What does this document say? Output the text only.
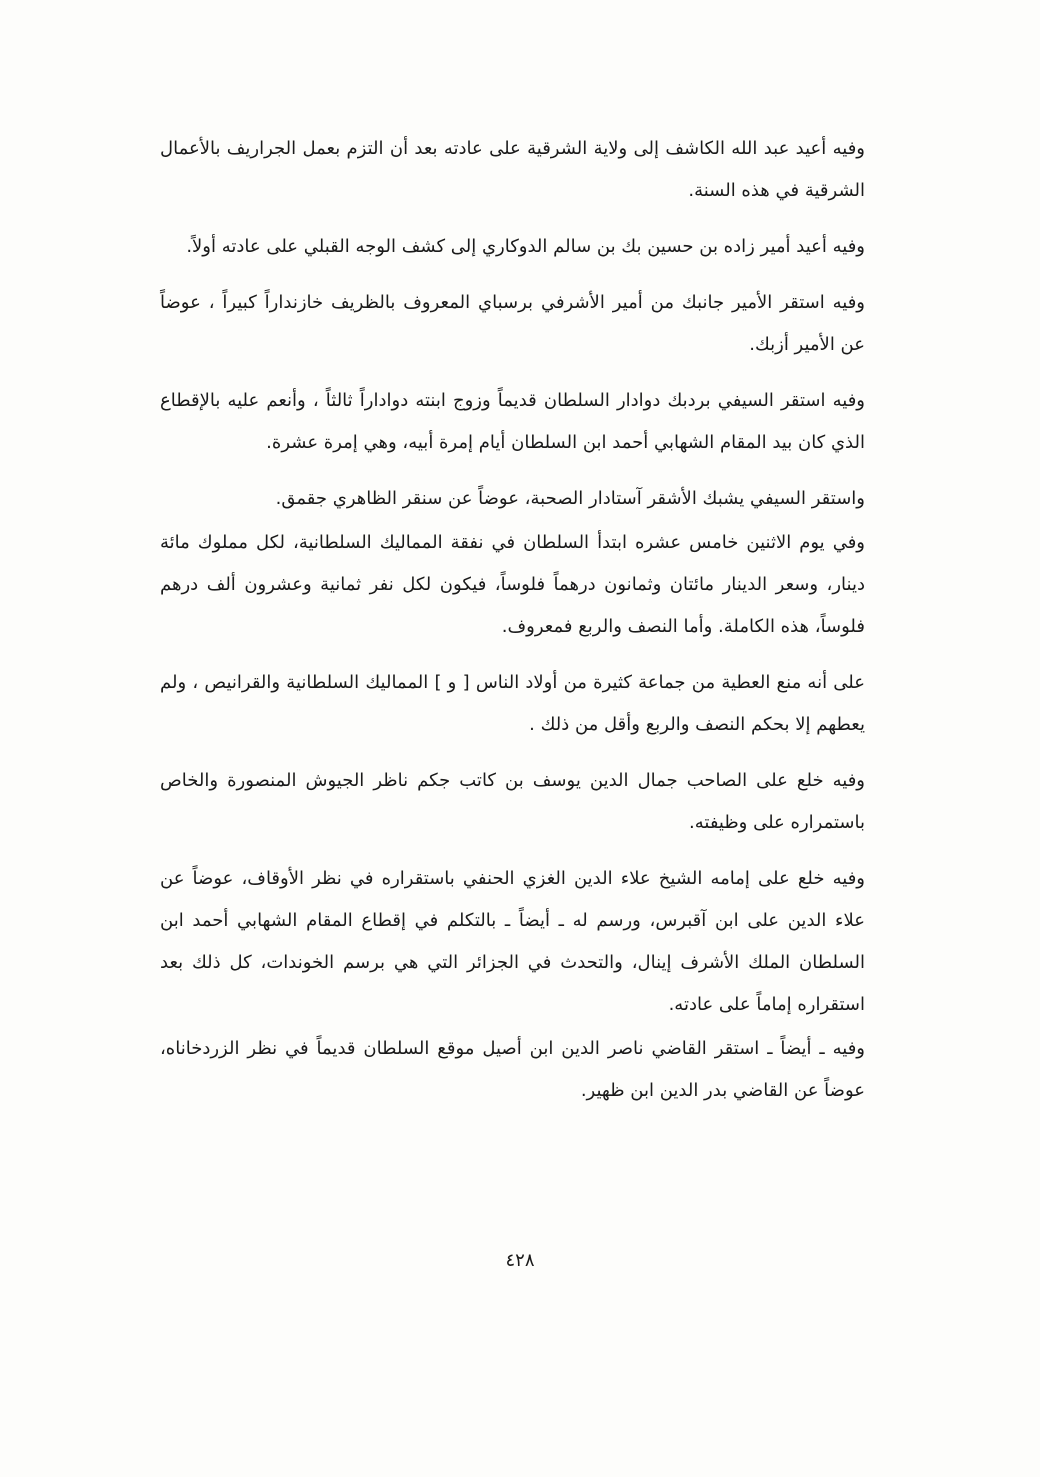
وفيه أعيد عبد الله الكاشف إلى ولاية الشرقية على عادته بعد أن التزم بعمل الجراريف بالأعمال الشرقية في هذه السنة.

وفيه أعيد أمير زاده بن حسين بك بن سالم الدوكاري إلى كشف الوجه القبلي على عادته أولاً.

وفيه استقر الأمير جانبك من أمير الأشرفي برسباي المعروف بالظريف خازنداراً كبيراً ، عوضاً عن الأمير أزبك.

وفيه استقر السيفي بردبك دوادار السلطان قديماً وزوج ابنته دواداراً ثالثاً ، وأنعم عليه بالإقطاع الذي كان بيد المقام الشهابي أحمد ابن السلطان أيام إمرة أبيه، وهي إمرة عشرة.

واستقر السيفي يشبك الأشقر آستادار الصحبة، عوضاً عن سنقر الظاهري جقمق.

وفي يوم الاثنين خامس عشره ابتدأ السلطان في نفقة المماليك السلطانية، لكل مملوك مائة دينار، وسعر الدينار مائتان وثمانون درهماً فلوساً، فيكون لكل نفر ثمانية وعشرون ألف درهم فلوساً، هذه الكاملة. وأما النصف والربع فمعروف.

على أنه منع العطية من جماعة كثيرة من أولاد الناس [ و ] المماليك السلطانية والقرانيص ، ولم يعطهم إلا بحكم النصف والربع وأقل من ذلك .

وفيه خلع على الصاحب جمال الدين يوسف بن كاتب جكم ناظر الجيوش المنصورة والخاص باستمراره على وظيفته.

وفيه خلع على إمامه الشيخ علاء الدين الغزي الحنفي باستقراره في نظر الأوقاف، عوضاً عن علاء الدين على ابن آقبرس، ورسم له ـ أيضاً ـ بالتكلم في إقطاع المقام الشهابي أحمد ابن السلطان الملك الأشرف إينال، والتحدث في الجزائر التي هي برسم الخوندات، كل ذلك بعد استقراره إماماً على عادته.

وفيه ـ أيضاً ـ استقر القاضي ناصر الدين ابن أصيل موقع السلطان قديماً في نظر الزردخاناه، عوضاً عن القاضي بدر الدين ابن ظهير.

٤٢٨
